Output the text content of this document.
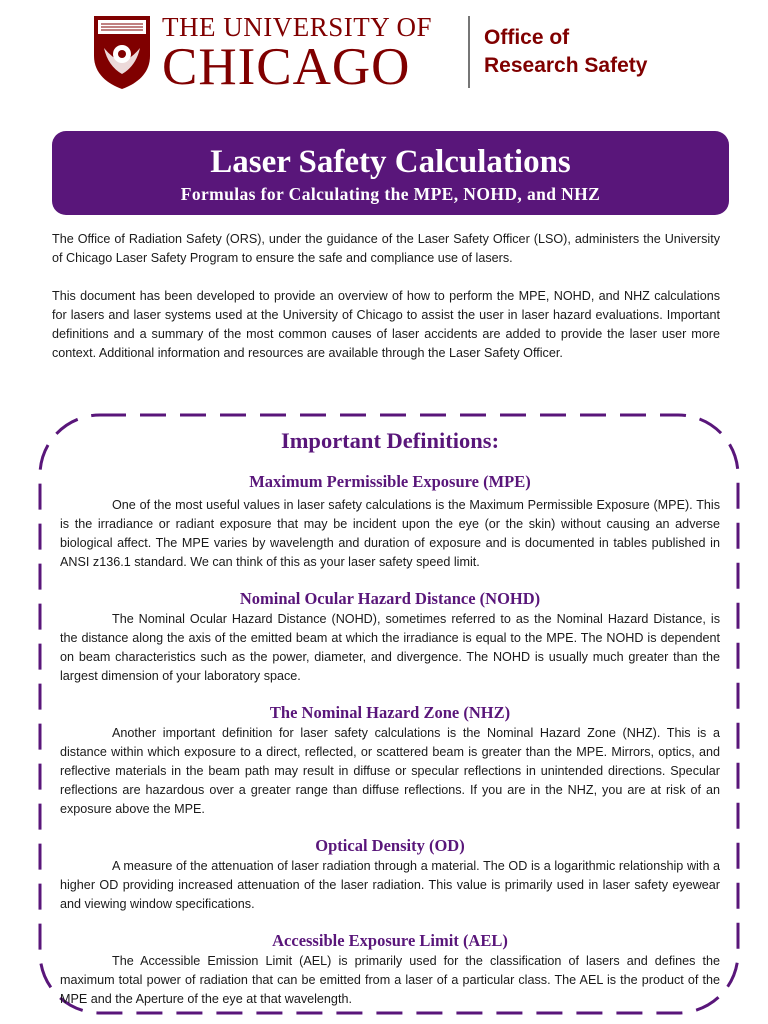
THE UNIVERSITY OF
CHICAGO
Office of
Research Safety
Laser Safety Calculations
Formulas for Calculating the MPE, NOHD, and NHZ

The Office of Radiation Safety (ORS), under the guidance of the Laser Safety Officer (LSO), administers the University of Chicago Laser Safety Program to ensure the safe and compliance use of lasers.

This document has been developed to provide an overview of how to perform the MPE, NOHD, and NHZ calculations for lasers and laser systems used at the University of Chicago to assist the user in laser hazard evaluations. Important definitions and a summary of the most common causes of laser accidents are added to provide the laser user more context. Additional information and resources are available through the Laser Safety Officer.

Important Definitions:
Maximum Permissible Exposure (MPE)
One of the most useful values in laser safety calculations is the Maximum Permissible Exposure (MPE). This is the irradiance or radiant exposure that may be incident upon the eye (or the skin) without causing an adverse biological affect. The MPE varies by wavelength and duration of exposure and is documented in tables published in ANSI z136.1 standard. We can think of this as your laser safety speed limit.
Nominal Ocular Hazard Distance (NOHD)
The Nominal Ocular Hazard Distance (NOHD), sometimes referred to as the Nominal Hazard Distance, is the distance along the axis of the emitted beam at which the irradiance is equal to the MPE. The NOHD is dependent on beam characteristics such as the power, diameter, and divergence. The NOHD is usually much greater than the largest dimension of your laboratory space.
The Nominal Hazard Zone (NHZ)
Another important definition for laser safety calculations is the Nominal Hazard Zone (NHZ). This is a distance within which exposure to a direct, reflected, or scattered beam is greater than the MPE. Mirrors, optics, and reflective materials in the beam path may result in diffuse or specular reflections in unintended directions. Specular reflections are hazardous over a greater range than diffuse reflections. If you are in the NHZ, you are at risk of an exposure above the MPE.
Optical Density (OD)
A measure of the attenuation of laser radiation through a material. The OD is a logarithmic relationship with a higher OD providing increased attenuation of the laser radiation. This value is primarily used in laser safety eyewear and viewing window specifications.
Accessible Exposure Limit (AEL)
The Accessible Emission Limit (AEL) is primarily used for the classification of lasers and defines the maximum total power of radiation that can be emitted from a laser of a particular class. The AEL is the product of the MPE and the Aperture of the eye at that wavelength.
